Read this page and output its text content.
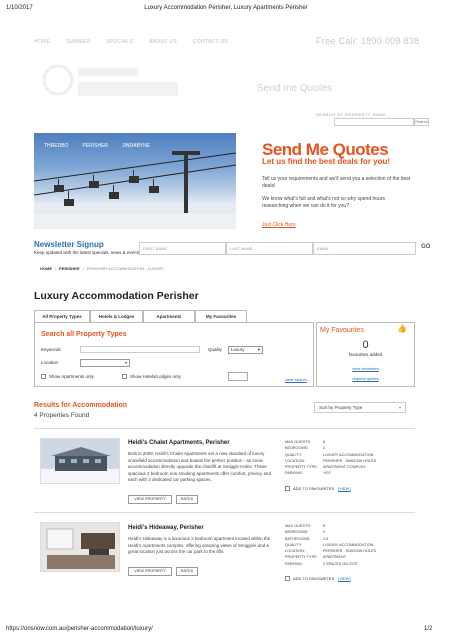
1/10/2017	Luxury Accommodation Perisher, Luxury Apartments Perisher
HOME	SUMMER	SPECIALS	ABOUT US	CONTACT US	Free Call: 1800 008 838
Send me Quotes
SEARCH BY PROPERTY NAME
Search
THREDBO	PERISHER	JINDABYNE	Send Me Quotes
Let us find the best deals for you!
Tell us your requirements and we'll send you a selection of the best deals!
We know what's full and what's not so why spend hours researching when we can do it for you?
Just Click Here
Newsletter Signup
Keep updated with the latest specials, news & events
FIRST NAME	LAST NAME	EMAIL	GO
HOME / PERISHER / PERISHER ACCOMMODATION - LUXURY
Luxury Accommodation Perisher
All Property Types	Hotels & Lodges	Apartments	My Favourites
Search all Property Types
Keywords	Quality	Luxury	▾
Location	▾
Show Apartments only	Show Hotels/Lodges only
clear search
My Favourites	👍
0
favourites added
view favourites
request quotes
Results for Accommodation
4 Properties Found
Sort by Property Type	▾
Heidi's Chalet Apartments, Perisher
Built in 2009, Heidi's Chalet Apartments set a new standard of luxury snowfield accommodation and boasts the perfect position - as snow accommodation directly opposite the chairlift at Smiggin Holes. These spacious 2 bedroom non smoking apartments offer comfort, privacy and each with 2 dedicated car parking spaces.
VIEW PROPERTY	RATES
MAX GUESTS:	6
BEDROOMS:	2
QUALITY:	LUXURY ACCOMMODATION
LOCATION:	PERISHER - SMIGGIN HOLES
PROPERTY TYPE:	APARTMENT COMPLEX
PARKING:	YES
ADD TO FAVOURITES [VIEW]
Heidi's Hideaway, Perisher
Heidi's Hideaway is a luxurious 2 bedroom apartment located within the Heidi's Apartments complex, offering amazing views of Smiggins and a great location just across the car park to the lifts.
VIEW PROPERTY	RATES
MAX GUESTS:	6
BEDROOMS:	2
BATHROOMS:	1.5
QUALITY:	LUXURY ACCOMMODATION
LOCATION:	PERISHER - SMIGGIN HOLES
PROPERTY TYPE:	APARTMENT
PARKING:	2 SPACES ON-SITE
ADD TO FAVOURITES [VIEW]
https://onsnow.com.au/perisher-accommodation/luxury/	1/2
